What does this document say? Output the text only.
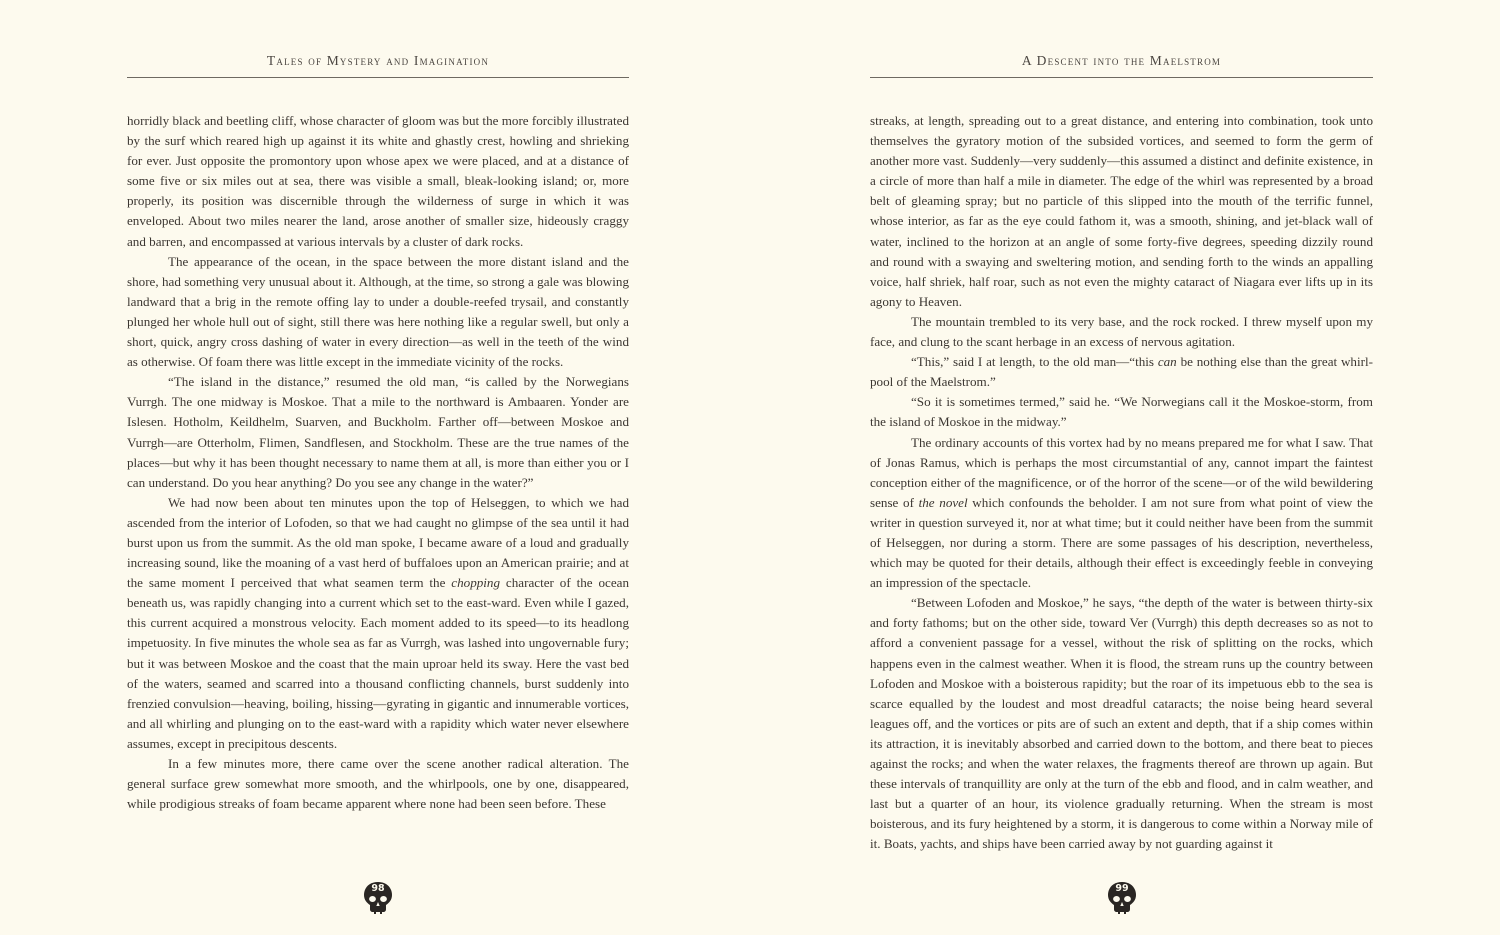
Tales of Mystery and Imagination

horridly black and beetling cliff, whose character of gloom was but the more forcibly illustrated by the surf which reared high up against it its white and ghastly crest, howling and shrieking for ever. Just opposite the promontory upon whose apex we were placed, and at a distance of some five or six miles out at sea, there was visible a small, bleak-looking island; or, more properly, its position was discernible through the wilderness of surge in which it was enveloped. About two miles nearer the land, arose another of smaller size, hideously craggy and barren, and encompassed at various intervals by a cluster of dark rocks.

The appearance of the ocean, in the space between the more distant island and the shore, had something very unusual about it. Although, at the time, so strong a gale was blowing landward that a brig in the remote offing lay to under a double-reefed trysail, and constantly plunged her whole hull out of sight, still there was here nothing like a regular swell, but only a short, quick, angry cross dashing of water in every direction—as well in the teeth of the wind as otherwise. Of foam there was little except in the immediate vicinity of the rocks.

“The island in the distance,” resumed the old man, “is called by the Norwegians Vurrgh. The one midway is Moskoe. That a mile to the northward is Ambaaren. Yonder are Islesen. Hotholm, Keildhelm, Suarven, and Buckholm. Farther off—between Moskoe and Vurrgh—are Otterholm, Flimen, Sandflesen, and Stockholm. These are the true names of the places—but why it has been thought necessary to name them at all, is more than either you or I can understand. Do you hear anything? Do you see any change in the water?”

We had now been about ten minutes upon the top of Helseggen, to which we had ascended from the interior of Lofoden, so that we had caught no glimpse of the sea until it had burst upon us from the summit. As the old man spoke, I became aware of a loud and gradually increasing sound, like the moaning of a vast herd of buffaloes upon an American prairie; and at the same moment I perceived that what seamen term the chopping character of the ocean beneath us, was rapidly changing into a current which set to the east-ward. Even while I gazed, this current acquired a monstrous velocity. Each moment added to its speed—to its headlong impetuosity. In five minutes the whole sea as far as Vurrgh, was lashed into ungovernable fury; but it was between Moskoe and the coast that the main uproar held its sway. Here the vast bed of the waters, seamed and scarred into a thousand conflicting channels, burst suddenly into frenzied convulsion—heaving, boiling, hissing—gyrating in gigantic and innumerable vortices, and all whirling and plunging on to the east-ward with a rapidity which water never elsewhere assumes, except in precipitous descents.

In a few minutes more, there came over the scene another radical alteration. The general surface grew somewhat more smooth, and the whirlpools, one by one, disappeared, while prodigious streaks of foam became apparent where none had been seen before. These

98
A Descent into the Maelstrom

streaks, at length, spreading out to a great distance, and entering into combination, took unto themselves the gyratory motion of the subsided vortices, and seemed to form the germ of another more vast. Suddenly—very suddenly—this assumed a distinct and definite existence, in a circle of more than half a mile in diameter. The edge of the whirl was represented by a broad belt of gleaming spray; but no particle of this slipped into the mouth of the terrific funnel, whose interior, as far as the eye could fathom it, was a smooth, shining, and jet-black wall of water, inclined to the horizon at an angle of some forty-five degrees, speeding dizzily round and round with a swaying and sweltering motion, and sending forth to the winds an appalling voice, half shriek, half roar, such as not even the mighty cataract of Niagara ever lifts up in its agony to Heaven.

The mountain trembled to its very base, and the rock rocked. I threw myself upon my face, and clung to the scant herbage in an excess of nervous agitation.

“This,” said I at length, to the old man—“this can be nothing else than the great whirlpool of the Maelstrom.”

“So it is sometimes termed,” said he. “We Norwegians call it the Moskoe-storm, from the island of Moskoe in the midway.”

The ordinary accounts of this vortex had by no means prepared me for what I saw. That of Jonas Ramus, which is perhaps the most circumstantial of any, cannot impart the faintest conception either of the magnificence, or of the horror of the scene—or of the wild bewildering sense of the novel which confounds the beholder. I am not sure from what point of view the writer in question surveyed it, nor at what time; but it could neither have been from the summit of Helseggen, nor during a storm. There are some passages of his description, nevertheless, which may be quoted for their details, although their effect is exceedingly feeble in conveying an impression of the spectacle.

“Between Lofoden and Moskoe,” he says, “the depth of the water is between thirty-six and forty fathoms; but on the other side, toward Ver (Vurrgh) this depth decreases so as not to afford a convenient passage for a vessel, without the risk of splitting on the rocks, which happens even in the calmest weather. When it is flood, the stream runs up the country between Lofoden and Moskoe with a boisterous rapidity; but the roar of its impetuous ebb to the sea is scarce equalled by the loudest and most dreadful cataracts; the noise being heard several leagues off, and the vortices or pits are of such an extent and depth, that if a ship comes within its attraction, it is inevitably absorbed and carried down to the bottom, and there beat to pieces against the rocks; and when the water relaxes, the fragments thereof are thrown up again. But these intervals of tranquillity are only at the turn of the ebb and flood, and in calm weather, and last but a quarter of an hour, its violence gradually returning. When the stream is most boisterous, and its fury heightened by a storm, it is dangerous to come within a Norway mile of it. Boats, yachts, and ships have been carried away by not guarding against it

99
